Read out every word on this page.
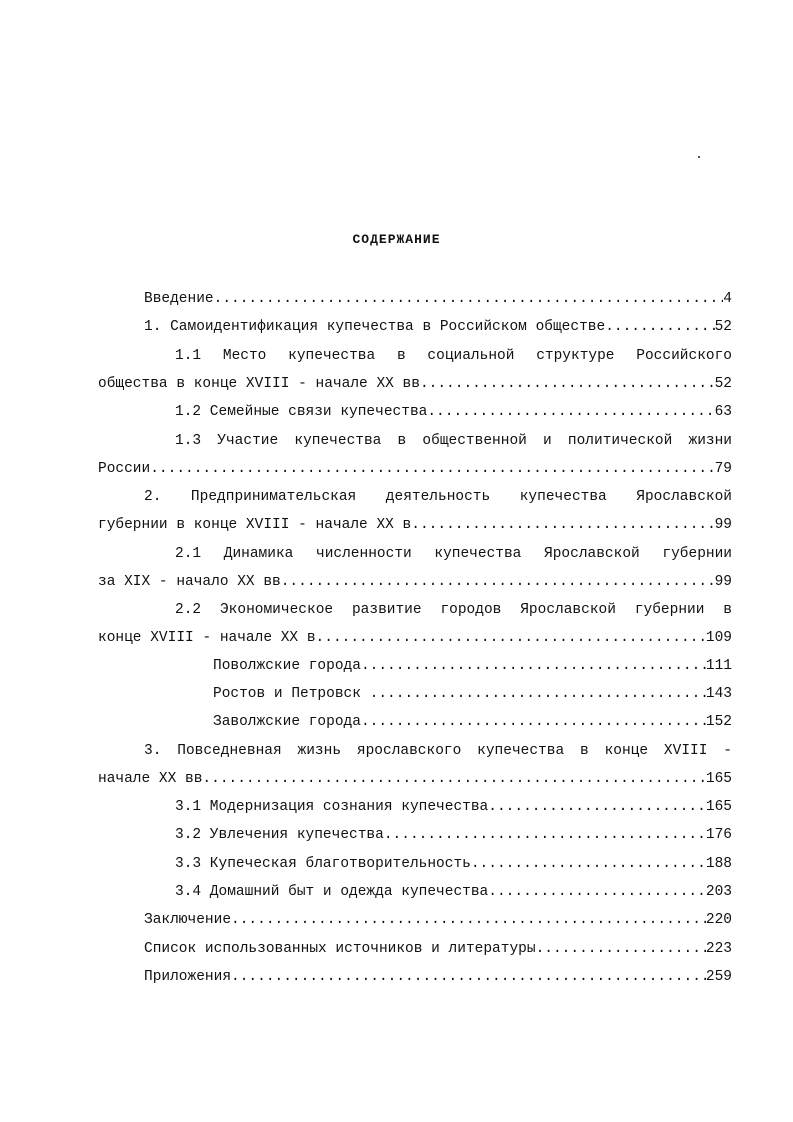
СОДЕРЖАНИЕ
Введение .....	4
1. Самоидентификация купечества в Российском обществе .....	52
1.1 Место купечества в социальной структуре Российского
общества в конце XVIII - начале XX вв .....	52
1.2 Семейные связи купечества .....	63
1.3 Участие купечества в общественной и политической жизни
России .....	79
2. Предпринимательская деятельность купечества Ярославской
губернии в конце XVIII - начале XX в .....	99
2.1 Динамика численности купечества Ярославской губернии
за XIX - начало XX вв .....	99
2.2 Экономическое развитие городов Ярославской губернии в
конце XVIII - начале XX в .....	109
Поволжские города .....	111
Ростов и Петровск .....	143
Заволжские города .....	152
3. Повседневная жизнь ярославского купечества в конце XVIII -
начале XX вв .....	165
3.1 Модернизация сознания купечества .....	165
3.2 Увлечения купечества .....	176
3.3 Купеческая благотворительность .....	188
3.4 Домашний быт и одежда купечества .....	203
Заключение .....	220
Список использованных источников и литературы .....	223
Приложения .....	259
